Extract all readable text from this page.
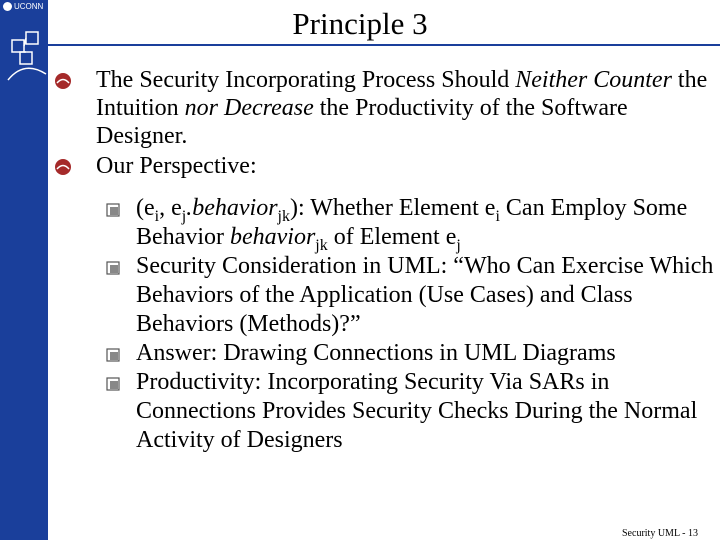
UCONN	Principle 3
The Security Incorporating Process Should Neither Counter the Intuition nor Decrease the Productivity of the Software Designer.
Our Perspective:
($e_i$, $e_j.behavior_{jk}$): Whether Element $e_i$ Can Employ Some Behavior behavior$_{jk}$ of Element $e_j$
Security Consideration in UML: “Who Can Exercise Which Behaviors of the Application (Use Cases) and Class Behaviors (Methods)?”
Answer: Drawing Connections in UML Diagrams
Productivity: Incorporating Security Via SARs in Connections Provides Security Checks During the Normal Activity of Designers
Security UML - 13
